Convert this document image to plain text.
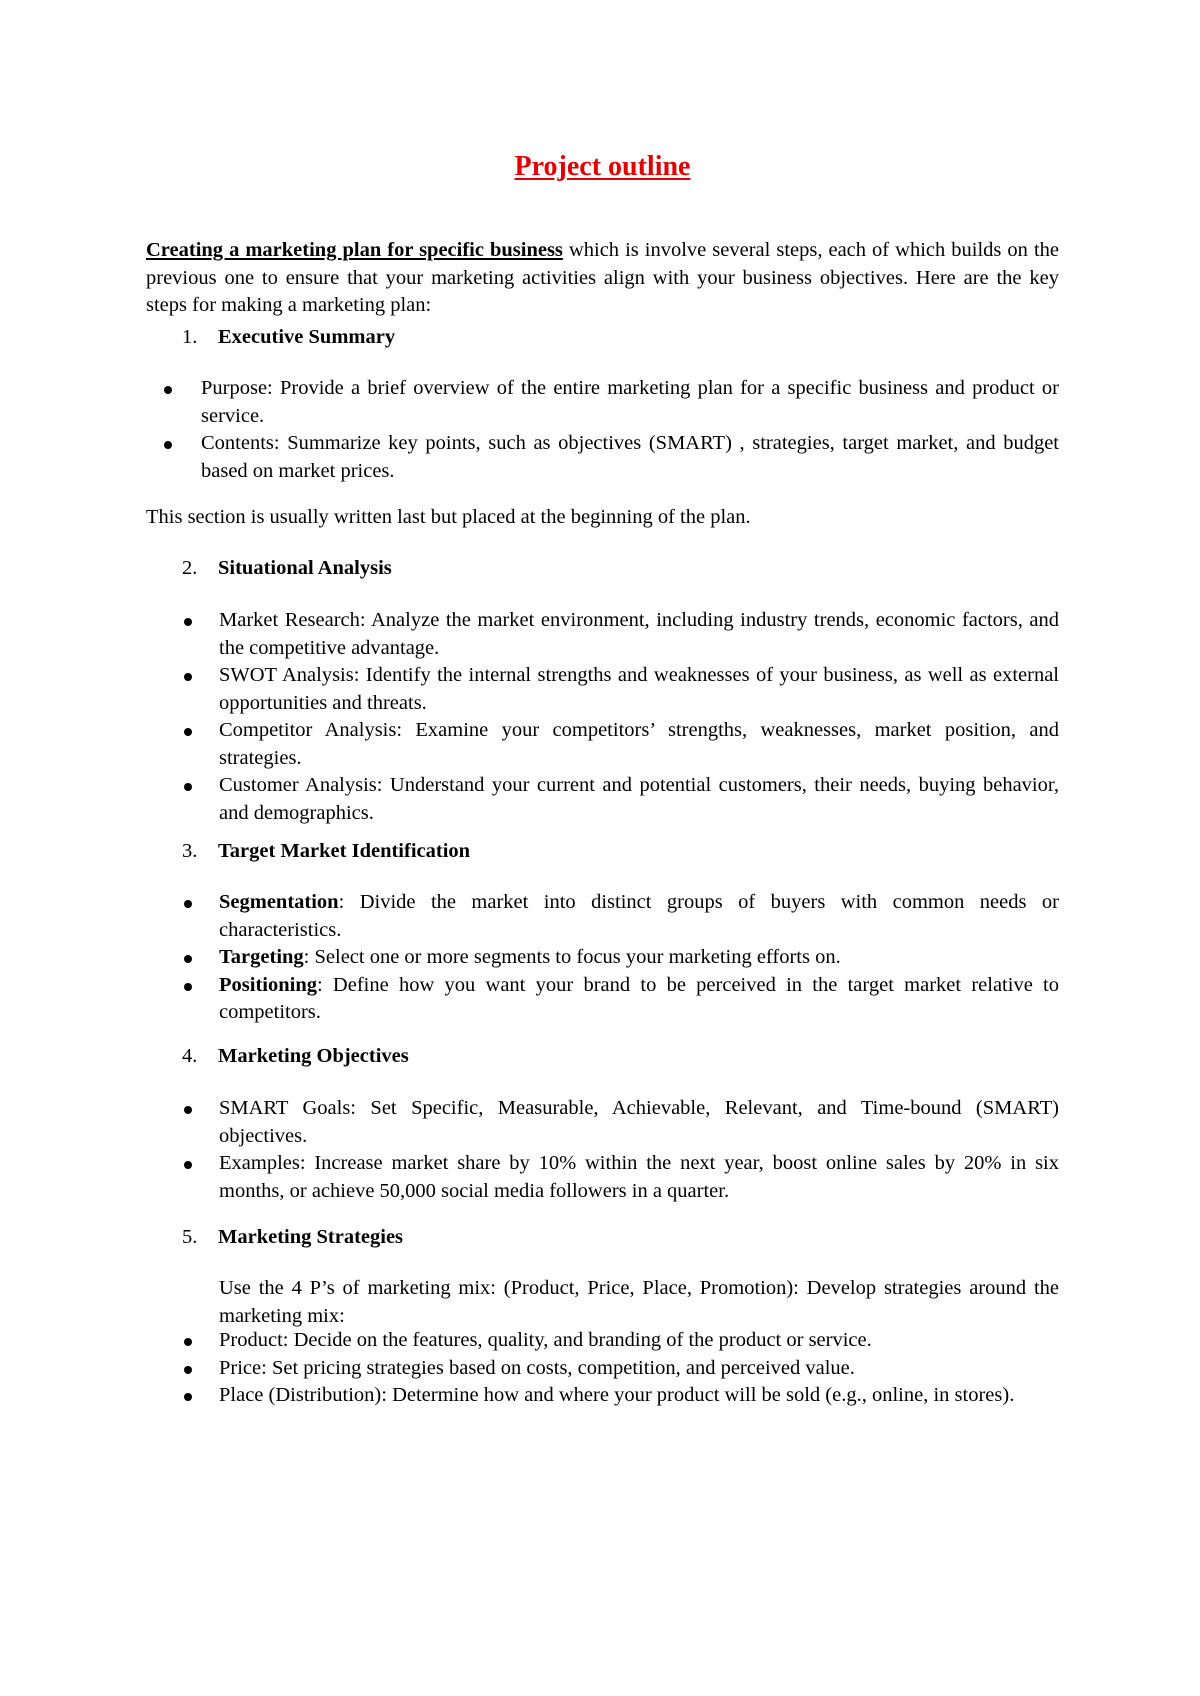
Project outline

Creating a marketing plan for specific business which is involve several steps, each of which builds on the previous one to ensure that your marketing activities align with your business objectives. Here are the key steps for making a marketing plan:

1. Executive Summary

Purpose: Provide a brief overview of the entire marketing plan for a specific business and product or service.
Contents: Summarize key points, such as objectives (SMART) , strategies, target market, and budget based on market prices.

This section is usually written last but placed at the beginning of the plan.

2. Situational Analysis

Market Research: Analyze the market environment, including industry trends, economic factors, and the competitive advantage.
SWOT Analysis: Identify the internal strengths and weaknesses of your business, as well as external opportunities and threats.
Competitor Analysis: Examine your competitors’ strengths, weaknesses, market position, and strategies.
Customer Analysis: Understand your current and potential customers, their needs, buying behavior, and demographics.

3. Target Market Identification

Segmentation: Divide the market into distinct groups of buyers with common needs or characteristics.
Targeting: Select one or more segments to focus your marketing efforts on.
Positioning: Define how you want your brand to be perceived in the target market relative to competitors.

4. Marketing Objectives

SMART Goals: Set Specific, Measurable, Achievable, Relevant, and Time-bound (SMART) objectives.
Examples: Increase market share by 10% within the next year, boost online sales by 20% in six months, or achieve 50,000 social media followers in a quarter.

5. Marketing Strategies

Use the 4 P’s of marketing mix: (Product, Price, Place, Promotion): Develop strategies around the marketing mix:

Product: Decide on the features, quality, and branding of the product or service.
Price: Set pricing strategies based on costs, competition, and perceived value.
Place (Distribution): Determine how and where your product will be sold (e.g., online, in stores).
